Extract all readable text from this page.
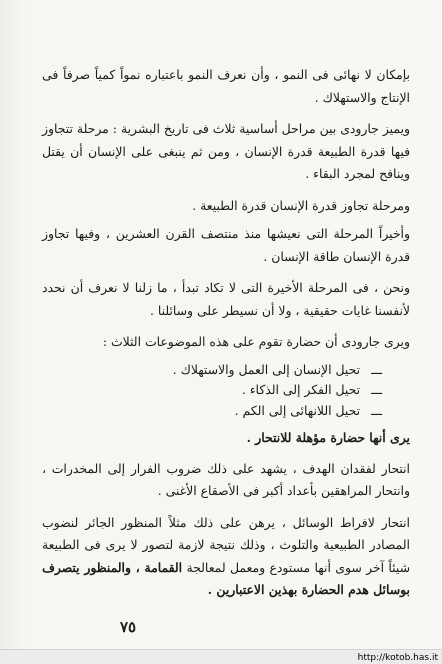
بإمكان لا نهائى فى النمو ، وأن نعرف النمو باعتباره نمواً كمياً صرفاً فى الإنتاج والاستهلاك .

ويميز جارودى بين مراحل أساسية ثلاث فى تاريخ البشرية : مرحلة تتجاوز فيها قدرة الطبيعة قدرة الإنسان ، ومن ثم ينبغى على الإنسان أن يقتل وينافح لمجرد البقاء .

ومرحلة تجاوز قدرة الإنسان قدرة الطبيعة .

وأخيراً المرحلة التى نعيشها منذ منتصف القرن العشرين ، وفيها تجاوز قدرة الإنسان طاقة الإنسان .

ونحن ، فى المرحلة الأخيرة التى لا تكاد تبدأ ، ما زلنا لا نعرف أن نحدد لأنفسنا غايات حقيقية ، ولا أن نسيطر على وسائلنا .

ويرى جارودى أن حضارة تقوم على هذه الموضوعات الثلاث :

ـــ تحيل الإنسان إلى العمل والاستهلاك .
ـــ تحيل الفكر إلى الذكاء .
ـــ تحيل اللانهائى إلى الكم .

يرى أنها حضارة مؤهلة للانتحار .

انتحار لفقدان الهدف ، يشهد على ذلك ضروب الفرار إلى المخدرات ، وانتحار المراهقين بأعداد أكبر فى الأصقاع الأغنى .

انتحار لافراط الوسائل ، يرهن على ذلك مثلاً المنظور الجائر لنضوب المصادر الطبيعية والتلوث ، وذلك نتيجة لازمة لتصور لا يرى فى الطبيعة شيئاً آخر سوى أنها مستودع ومعمل لمعالجة القمامة ، والمنظور يتصرف بوسائل هدم الحضارة بهذين الاعتبارين .

٧٥
http://kotob.has.it
